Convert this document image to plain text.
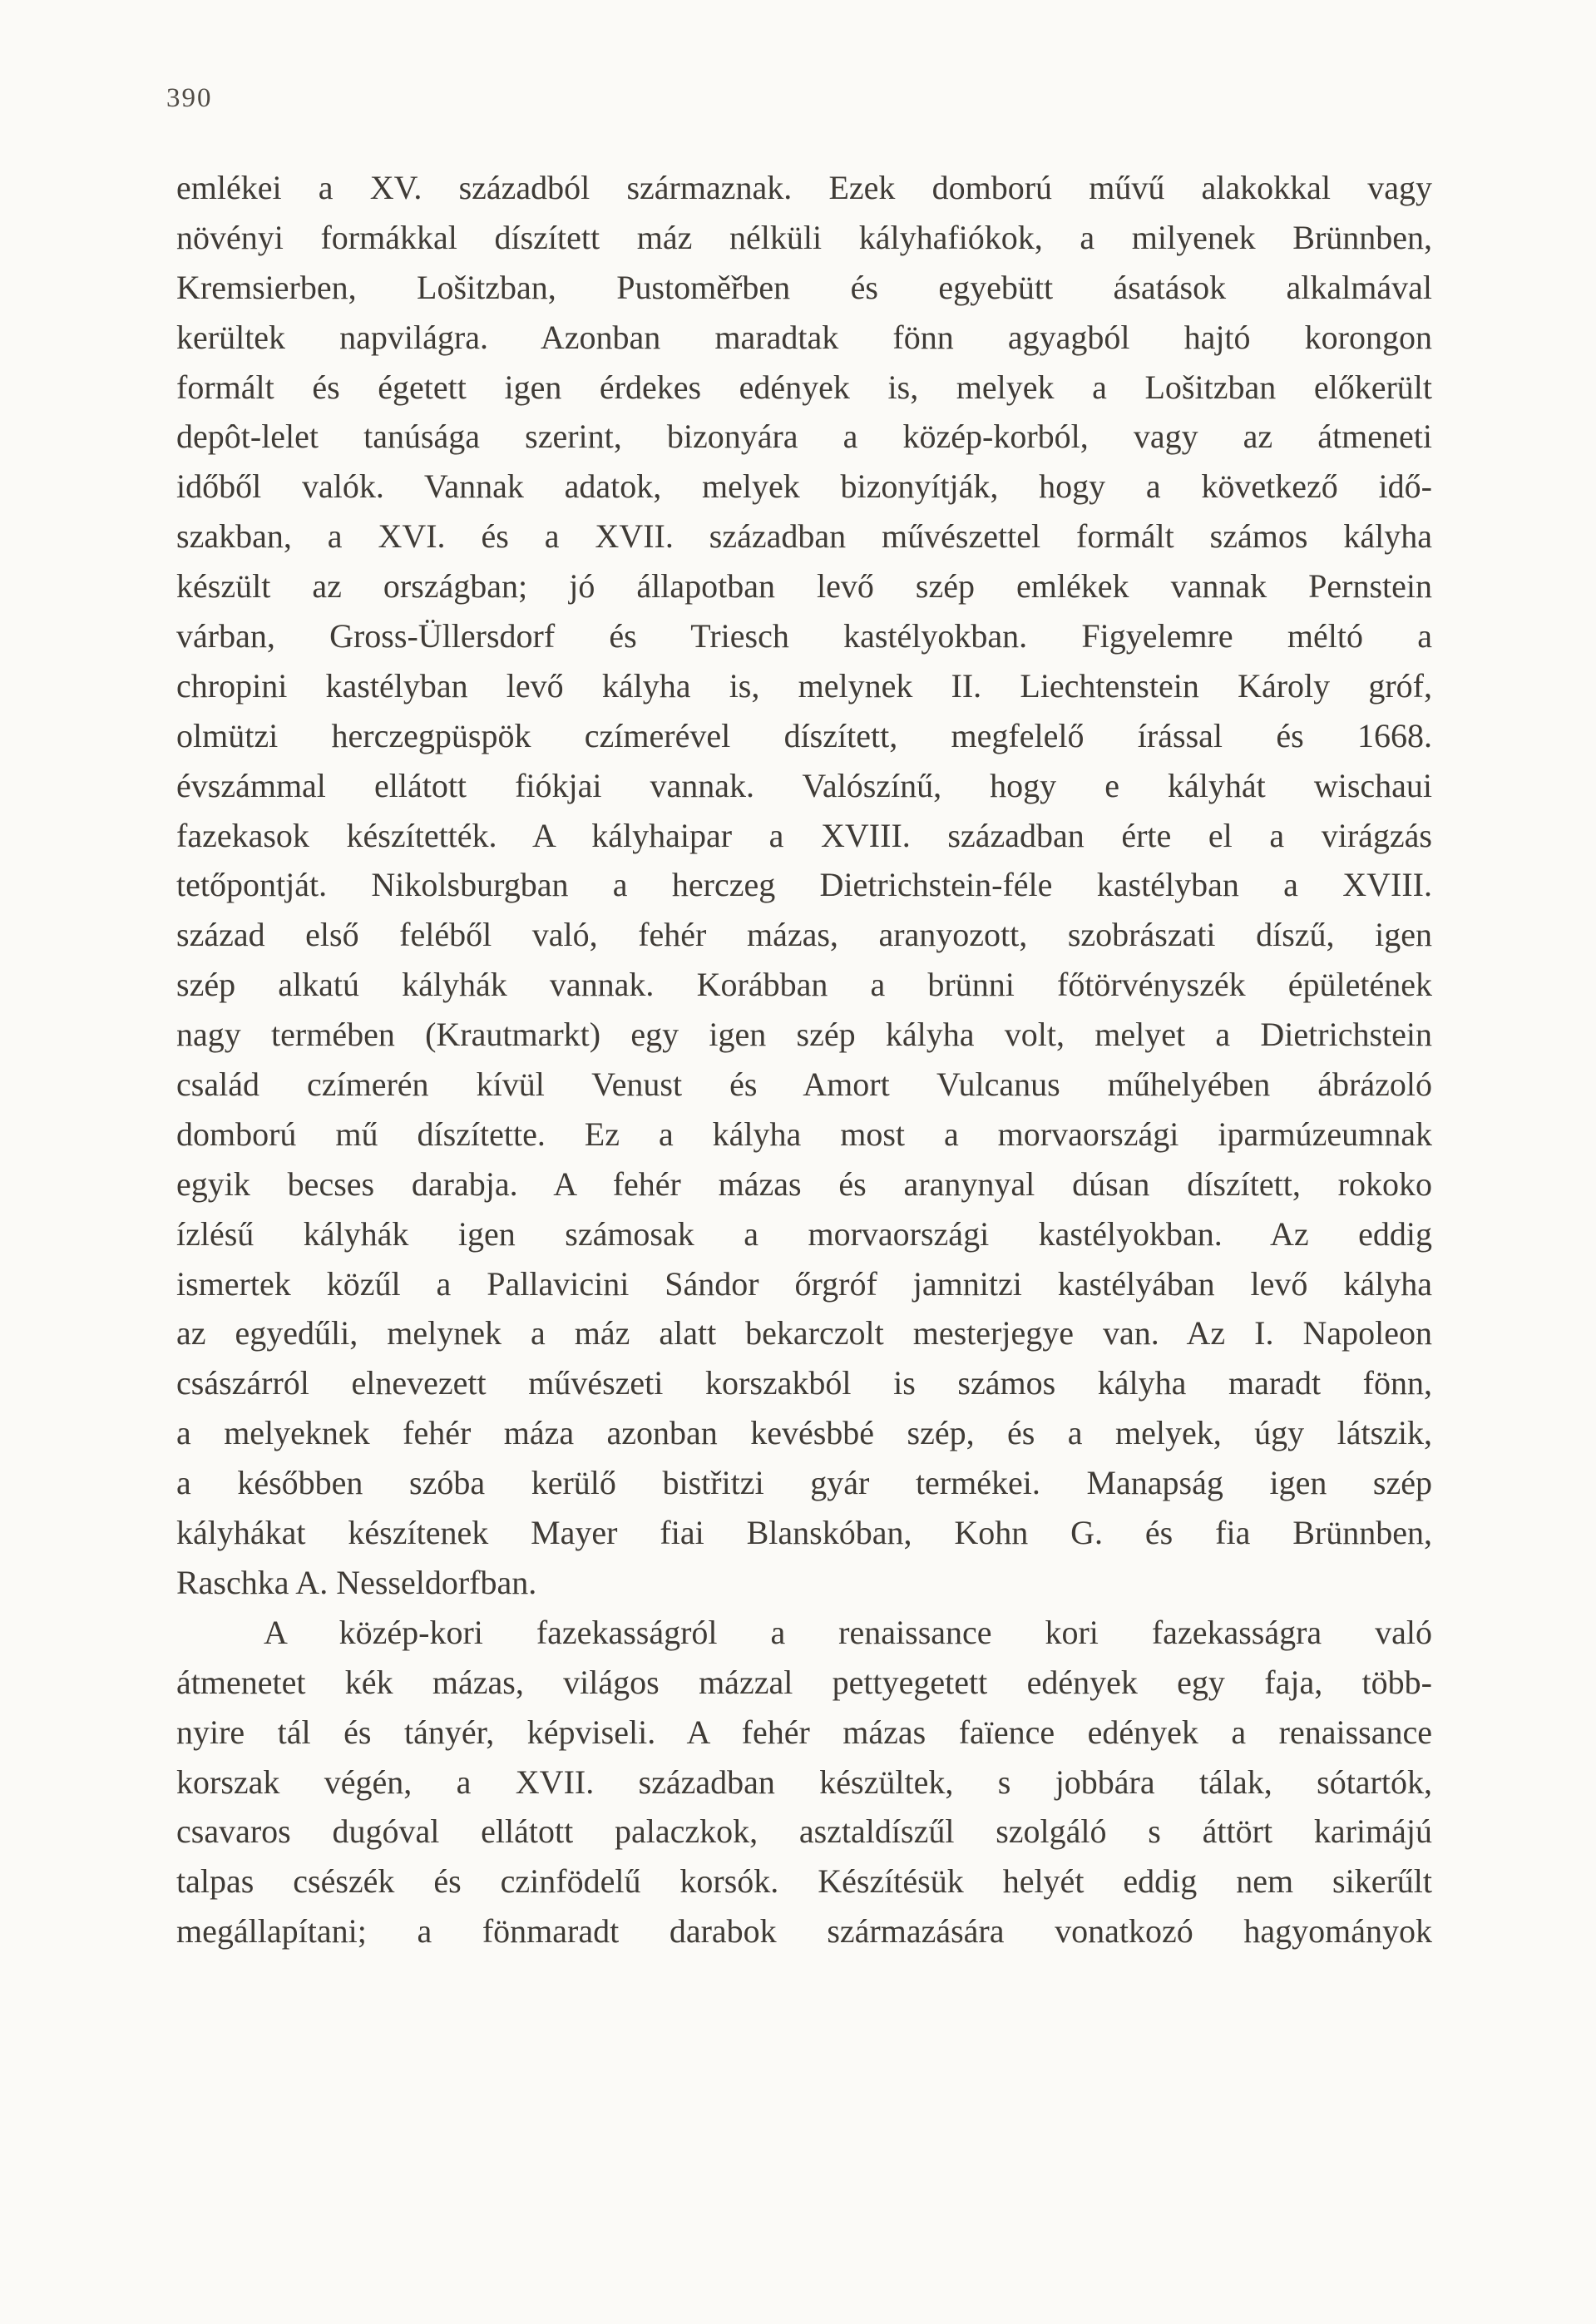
390
emlékei a XV. századból származnak. Ezek domború művű alakokkal vagy
növényi formákkal díszített máz nélküli kályhafiókok, a milyenek Brünnben,
Kremsierben, Lošitzban, Pustoměřben és egyebütt ásatások alkalmával
kerültek napvilágra. Azonban maradtak fönn agyagból hajtó korongon
formált és égetett igen érdekes edények is, melyek a Lošitzban előkerült
depôt-lelet tanúsága szerint, bizonyára a közép-korból, vagy az átmeneti
időből valók. Vannak adatok, melyek bizonyítják, hogy a következő idő-
szakban, a XVI. és a XVII. században művészettel formált számos kályha
készült az országban; jó állapotban levő szép emlékek vannak Pernstein
várban, Gross-Üllersdorf és Triesch kastélyokban. Figyelemre méltó a
chropini kastélyban levő kályha is, melynek II. Liechtenstein Károly gróf,
olmützi herczegpüspök czímerével díszített, megfelelő írással és 1668.
évszámmal ellátott fiókjai vannak. Valószínű, hogy e kályhát wischaui
fazekasok készítették. A kályhaipar a XVIII. században érte el a virágzás
tetőpontját. Nikolsburgban a herczeg Dietrichstein-féle kastélyban a XVIII.
század első feléből való, fehér mázas, aranyozott, szobrászati díszű, igen
szép alkatú kályhák vannak. Korábban a brünni főtörvényszék épületének
nagy termében (Krautmarkt) egy igen szép kályha volt, melyet a Dietrichstein
család czímerén kívül Venust és Amort Vulcanus műhelyében ábrázoló
domború mű díszítette. Ez a kályha most a morvaországi iparmúzeumnak
egyik becses darabja. A fehér mázas és aranynyal dúsan díszített, rokoko
ízlésű kályhák igen számosak a morvaországi kastélyokban. Az eddig
ismertek közűl a Pallavicini Sándor őrgróf jamnitzi kastélyában levő kályha
az egyedűli, melynek a máz alatt bekarczolt mesterjegye van. Az I. Napoleon
császárról elnevezett művészeti korszakból is számos kályha maradt fönn,
a melyeknek fehér máza azonban kevésbbé szép, és a melyek, úgy látszik,
a későbben szóba kerülő bistřitzi gyár termékei. Manapság igen szép
kályhákat készítenek Mayer fiai Blanskóban, Kohn G. és fia Brünnben,
Raschka A. Nesseldorfban.
A közép-kori fazekasságról a renaissance kori fazekasságra való
átmenetet kék mázas, világos mázzal pettyegetett edények egy faja, több-
nyire tál és tányér, képviseli. A fehér mázas faïence edények a renaissance
korszak végén, a XVII. században készültek, s jobbára tálak, sótartók,
csavaros dugóval ellátott palaczkok, asztaldíszűl szolgáló s áttört karimájú
talpas csészék és czinfödelű korsók. Készítésük helyét eddig nem sikerűlt
megállapítani; a fönmaradt darabok származására vonatkozó hagyományok
